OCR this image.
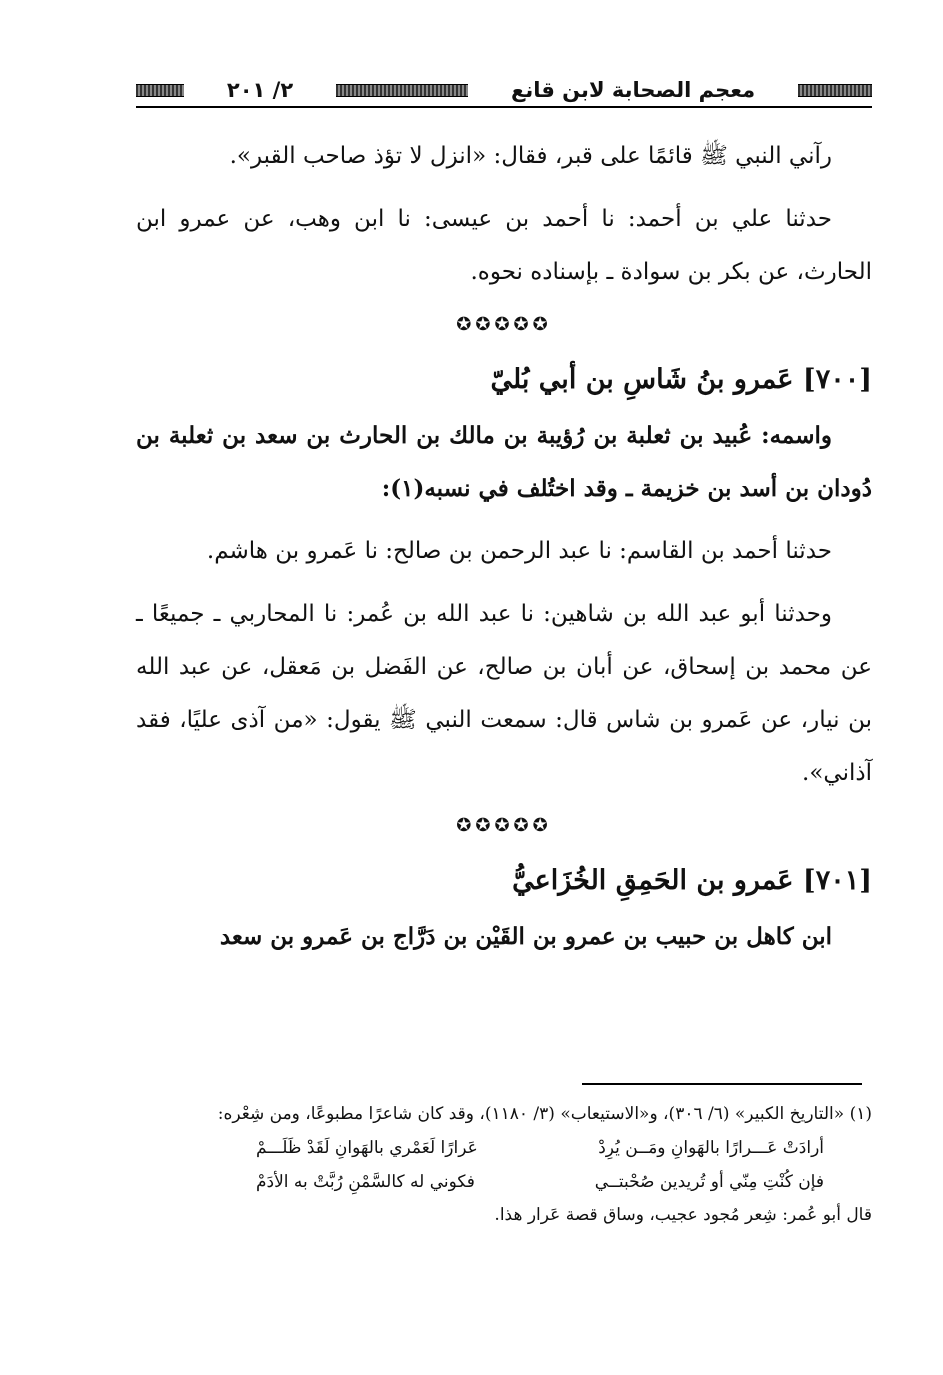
معجم الصحابة لابن قانع
٢/ ٢٠١

رآني النبي ﷺ قائمًا على قبر، فقال: «انزل لا تؤذ صاحب القبر».

حدثنا علي بن أحمد: نا أحمد بن عيسى: نا ابن وهب، عن عمرو ابن الحارث، عن بكر بن سوادة ـ بإسناده نحوه.

✪✪✪✪✪
[٧٠٠] عَمرو بنُ شَاسِ بن أبي بُليّ

واسمه: عُبيد بن ثعلبة بن رُؤيبة بن مالك بن الحارث بن سعد بن ثعلبة بن دُودان بن أسد بن خزيمة ـ وقد اختُلف في نسبه(١):

حدثنا أحمد بن القاسم: نا عبد الرحمن بن صالح: نا عَمرو بن هاشم.

وحدثنا أبو عبد الله بن شاهين: نا عبد الله بن عُمر: نا المحاربي ـ جميعًا ـ عن محمد بن إسحاق، عن أبان بن صالح، عن الفَضل بن مَعقل، عن عبد الله بن نيار، عن عَمرو بن شاس قال: سمعت النبي ﷺ يقول: «من آذى عليًا، فقد آذاني».

✪✪✪✪✪
[٧٠١] عَمرو بن الحَمِقِ الخُزَاعيُّ

ابن كاهل بن حبيب بن عمرو بن القَيْن بن دَرَّاج بن عَمرو بن سعد

(١) «التاريخ الكبير» (٦/ ٣٠٦)، و«الاستيعاب» (٣/ ١١٨٠)، وقد كان شاعرًا مطبوعًا، ومن شِعْره:

أرادَتْ عَـــرارًا بالهَوانِ ومَــن يُرِدْ
عَرارًا لَعَمْري بالهَوانِ لَقَدْ ظَلَـــمْ
فإن كُنْتِ مِنّي أو تُريدين صُحْبتــي
فكوني له كالسَّمْنِ رُبَّتْ به الأدَمْ

قال أبو عُمر: شِعر مُجود عجيب، وساق قصة عَرار هذا.
